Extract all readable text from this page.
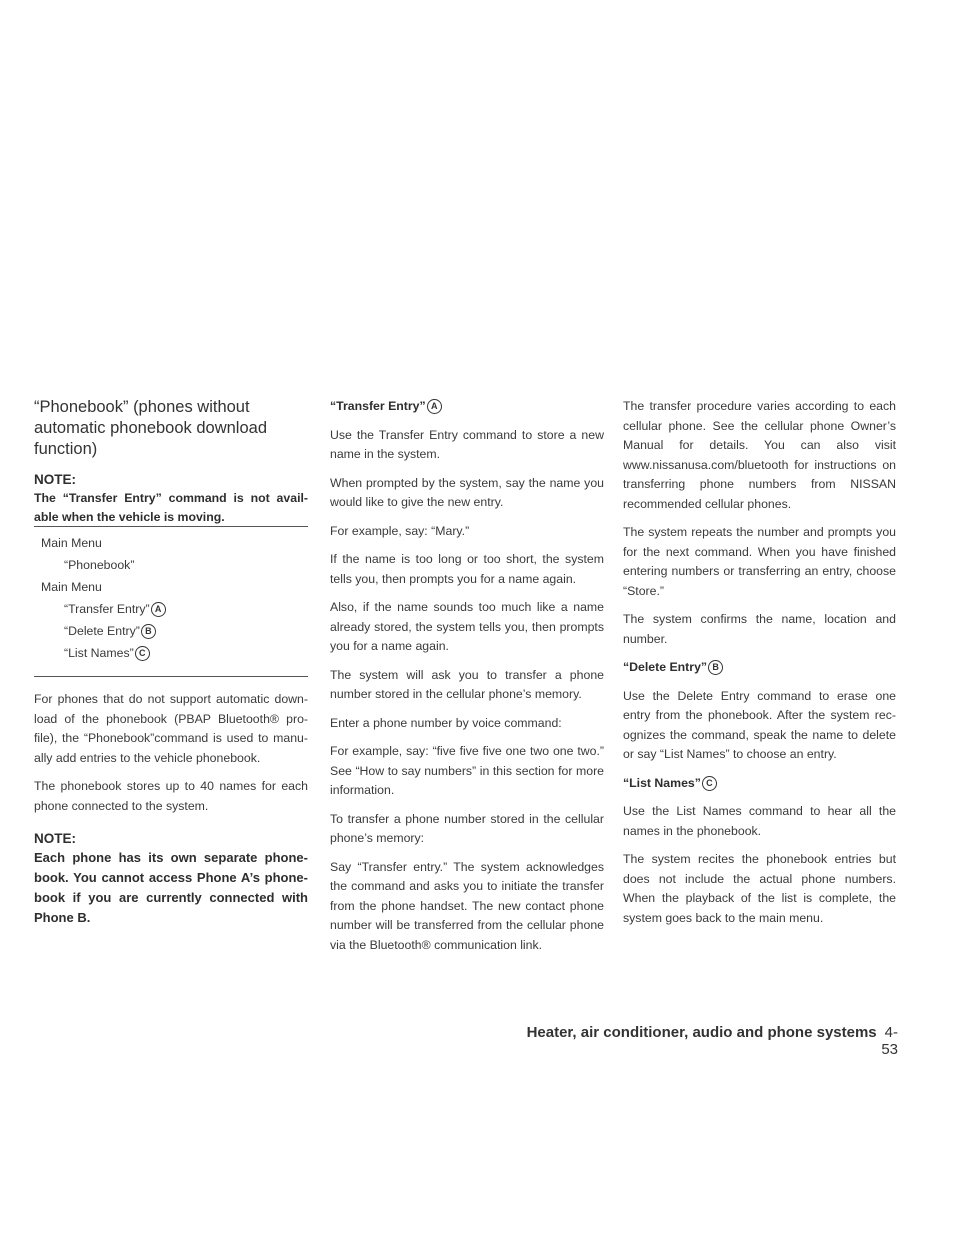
“Phonebook” (phones without automatic phonebook download function)

NOTE:

The “Transfer Entry” command is not avail-able when the vehicle is moving.

Main Menu
“Phonebook”
Main Menu
“Transfer Entry” A
“Delete Entry” B
“List Names” C

For phones that do not support automatic down-load of the phonebook (PBAP Bluetooth® pro-file), the “Phonebook”command is used to manu-ally add entries to the vehicle phonebook.

The phonebook stores up to 40 names for each phone connected to the system.

NOTE:

Each phone has its own separate phone-book. You cannot access Phone A’s phone-book if you are currently connected with Phone B.

“Transfer Entry” A

Use the Transfer Entry command to store a new name in the system.

When prompted by the system, say the name you would like to give the new entry.

For example, say: “Mary.”

If the name is too long or too short, the system tells you, then prompts you for a name again.

Also, if the name sounds too much like a name already stored, the system tells you, then prompts you for a name again.

The system will ask you to transfer a phone number stored in the cellular phone’s memory.

Enter a phone number by voice command:

For example, say: “five five five one two one two.” See “How to say numbers” in this section for more information.

To transfer a phone number stored in the cellular phone’s memory:

Say “Transfer entry.” The system acknowledges the command and asks you to initiate the transfer from the phone handset. The new contact phone number will be transferred from the cellular phone via the Bluetooth® communication link.

The transfer procedure varies according to each cellular phone. See the cellular phone Owner’s Manual for details. You can also visit www.nissanusa.com/bluetooth for instructions on transferring phone numbers from NISSAN recommended cellular phones.

The system repeats the number and prompts you for the next command. When you have finished entering numbers or transferring an entry, choose “Store.”

The system confirms the name, location and number.

“Delete Entry” B

Use the Delete Entry command to erase one entry from the phonebook. After the system rec-ognizes the command, speak the name to delete or say “List Names” to choose an entry.

“List Names” C

Use the List Names command to hear all the names in the phonebook.

The system recites the phonebook entries but does not include the actual phone numbers. When the playback of the list is complete, the system goes back to the main menu.

Heater, air conditioner, audio and phone systems 4-53
